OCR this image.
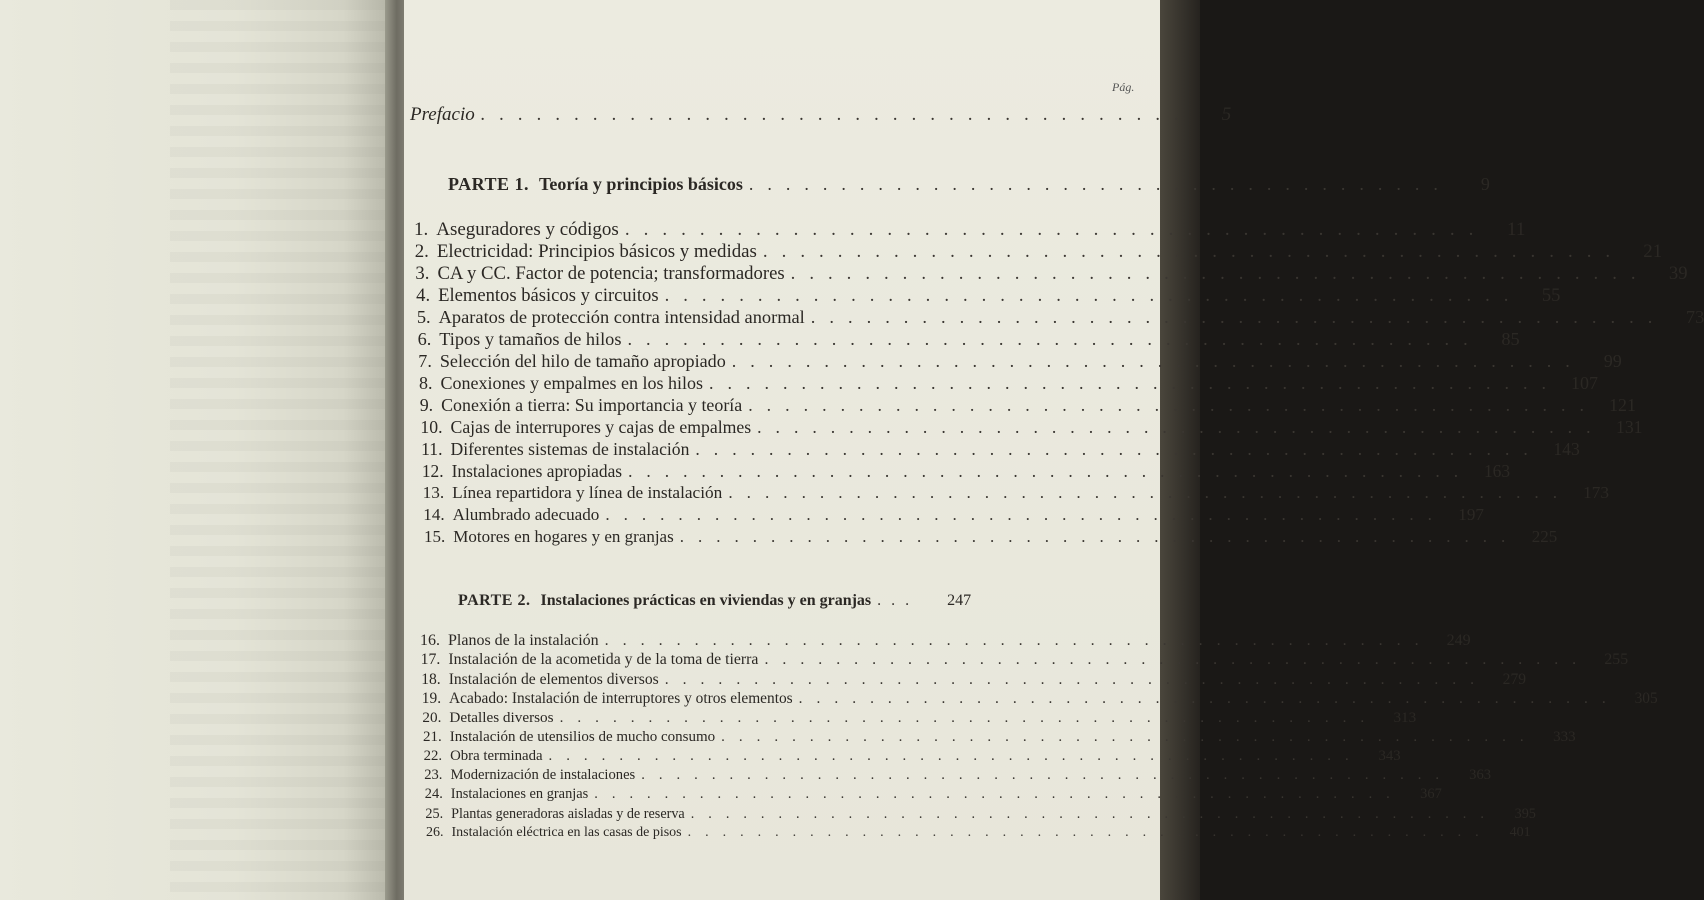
Pág.
Prefacio ......................................	5
PARTE 1. Teoría y principios básicos ......................................	9
1. Aseguradores y códigos ..............................................	11
2. Electricidad: Principios básicos y medidas ..............................................	21
3. CA y CC. Factor de potencia; transformadores ..............................................	39
4. Elementos básicos y circuitos ..............................................	55
5. Aparatos de protección contra intensidad anormal ..............................................	73
6. Tipos y tamaños de hilos ..............................................	85
7. Selección del hilo de tamaño apropiado ..............................................	99
8. Conexiones y empalmes en los hilos .............................................. 107
9. Conexión a tierra: Su importancia y teoría .............................................. 121
10. Cajas de interrupores y cajas de empalmes .............................................. 131
11. Diferentes sistemas de instalación .............................................. 143
12. Instalaciones apropiadas .............................................. 163
13. Línea repartidora y línea de instalación .............................................. 173
14. Alumbrado adecuado .............................................. 197
15. Motores en hogares y en granjas .............................................. 225
PARTE 2. Instalaciones prácticas en viviendas y en granjas ...	247
16. Planos de la instalación .............................................. 249
17. Instalación de la acometida y de la toma de tierra .............................................. 255
18. Instalación de elementos diversos .............................................. 279
19. Acabado: Instalación de interruptores y otros elementos .............................................. 305
20. Detalles diversos ..............................................	313
21. Instalación de utensilios de mucho consumo ..............................................	333
22. Obra terminada ..............................................	343
23. Modernización de instalaciones ..............................................	363
24. Instalaciones en granjas ..............................................	367
25. Plantas generadoras aisladas y de reserva ..............................................	395
26. Instalación eléctrica en las casas de pisos ..............................................	401
